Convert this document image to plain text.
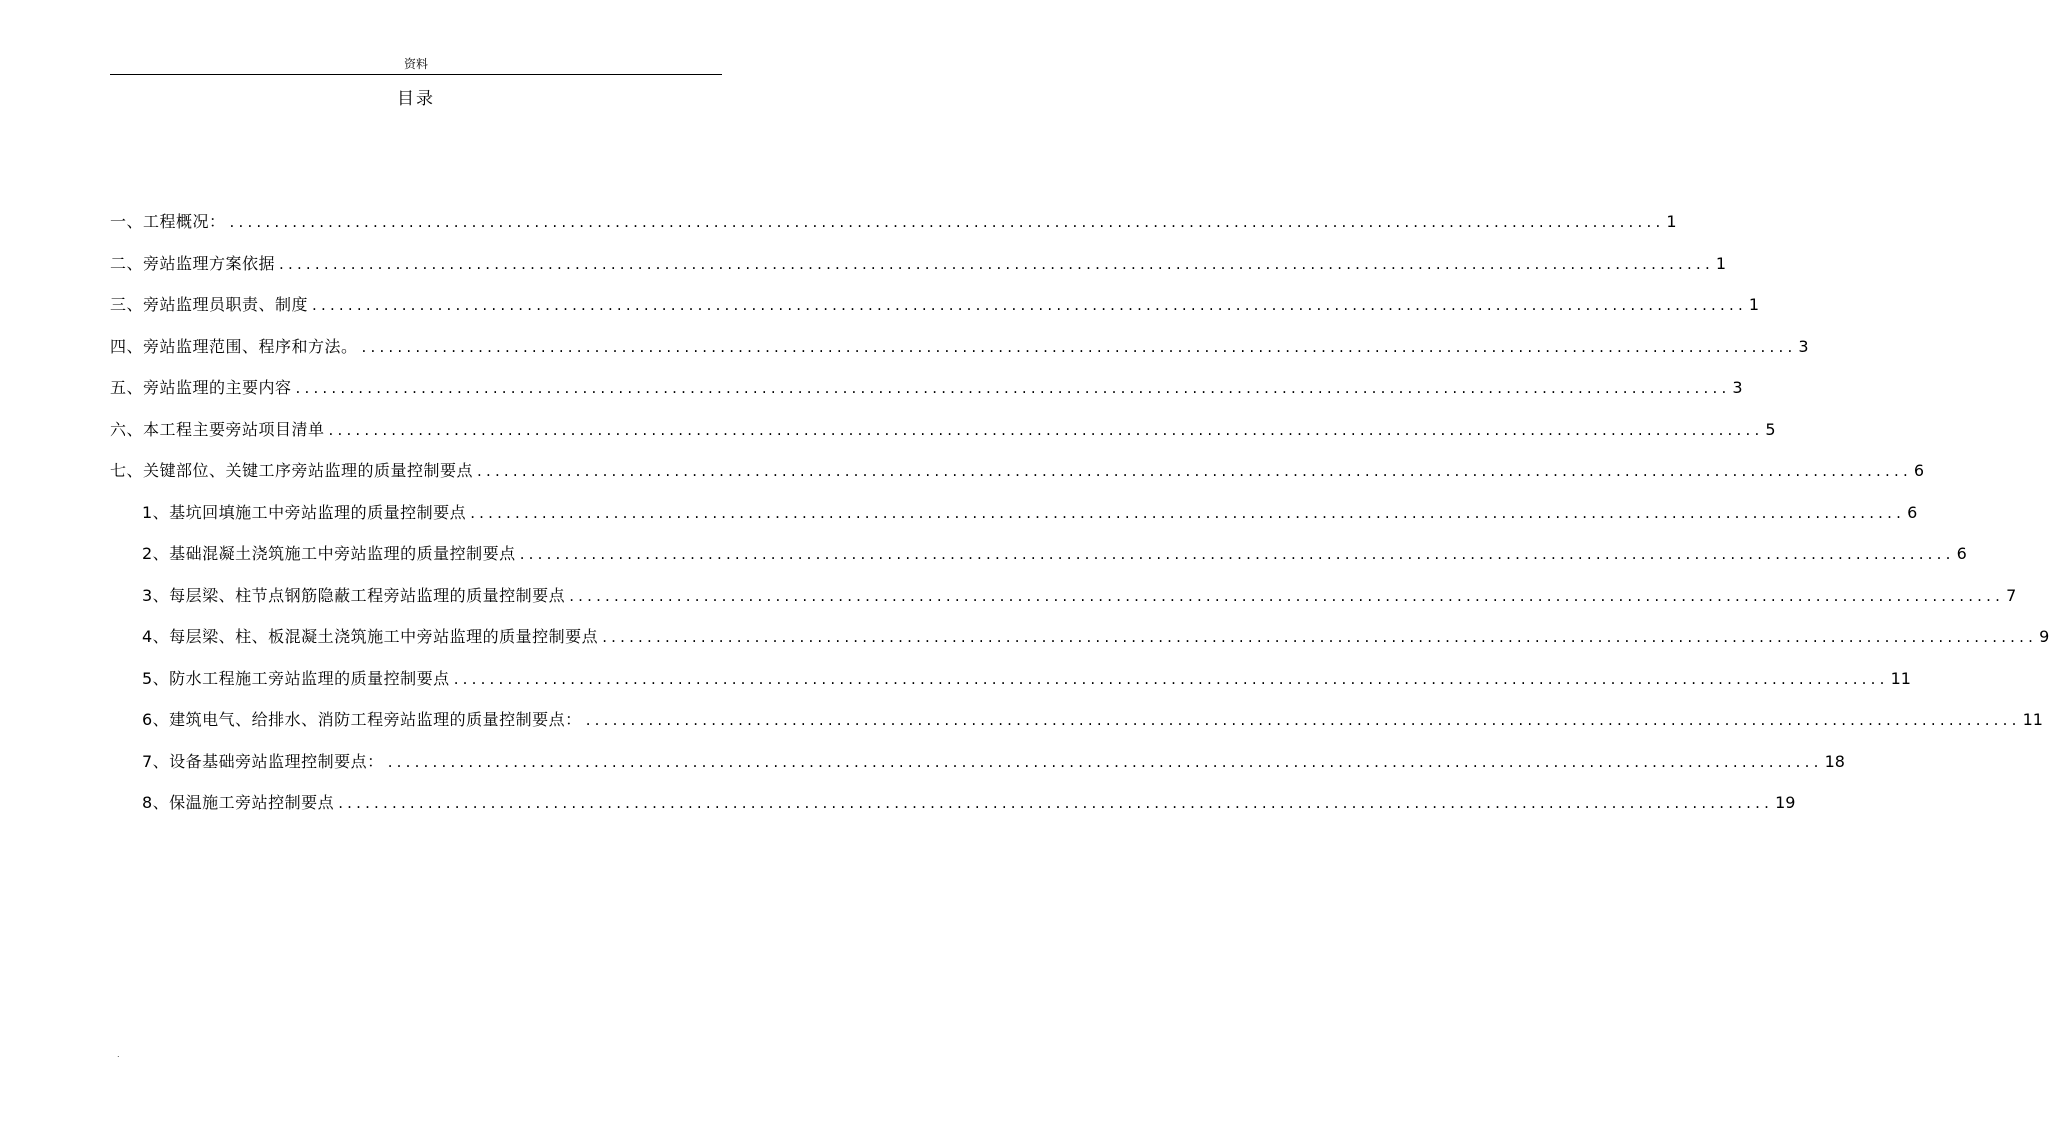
资料
目录
一、工程概况： ................................................................................................................................................................ 1
二、旁站监理方案依据 ................................................................................................................................................................ 1
三、旁站监理员职责、制度 ................................................................................................................................................................ 1
四、旁站监理范围、程序和方法。 ................................................................................................................................................................ 3
五、旁站监理的主要内容 ................................................................................................................................................................ 3
六、本工程主要旁站项目清单 ................................................................................................................................................................ 5
七、关键部位、关键工序旁站监理的质量控制要点 ................................................................................................................................................................ 6
1、基坑回填施工中旁站监理的质量控制要点 ................................................................................................................................................................ 6
2、基础混凝土浇筑施工中旁站监理的质量控制要点 ................................................................................................................................................................ 6
3、每层梁、柱节点钢筋隐蔽工程旁站监理的质量控制要点 ................................................................................................................................................................ 7
4、每层梁、柱、板混凝土浇筑施工中旁站监理的质量控制要点 ................................................................................................................................................................ 9
5、防水工程施工旁站监理的质量控制要点 ................................................................................................................................................................ 11
6、建筑电气、给排水、消防工程旁站监理的质量控制要点： ................................................................................................................................................................ 11
7、设备基础旁站监理控制要点： ................................................................................................................................................................ 18
8、保温施工旁站控制要点 ................................................................................................................................................................ 19
.
